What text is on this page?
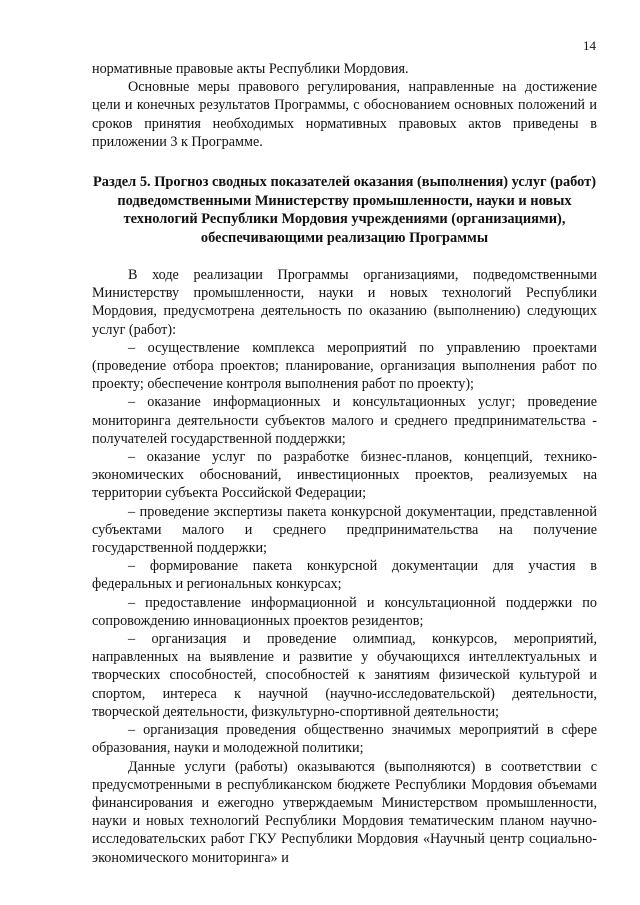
14

нормативные правовые акты Республики Мордовия.

Основные меры правового регулирования, направленные на достижение цели и конечных результатов Программы, с обоснованием основных положений и сроков принятия необходимых нормативных правовых актов приведены в приложении 3 к Программе.

Раздел 5. Прогноз сводных показателей оказания (выполнения) услуг (работ) подведомственными Министерству промышленности, науки и новых технологий Республики Мордовия учреждениями (организациями), обеспечивающими реализацию Программы

В ходе реализации Программы организациями, подведомственными Министерству промышленности, науки и новых технологий Республики Мордовия, предусмотрена деятельность по оказанию (выполнению) следующих услуг (работ):

– осуществление комплекса мероприятий по управлению проектами (проведение отбора проектов; планирование, организация выполнения работ по проекту; обеспечение контроля выполнения работ по проекту);

– оказание информационных и консультационных услуг; проведение мониторинга деятельности субъектов малого и среднего предпринимательства - получателей государственной поддержки;

– оказание услуг по разработке бизнес-планов, концепций, технико-экономических обоснований, инвестиционных проектов, реализуемых на территории субъекта Российской Федерации;

– проведение экспертизы пакета конкурсной документации, представленной субъектами малого и среднего предпринимательства на получение государственной поддержки;

– формирование пакета конкурсной документации для участия в федеральных и региональных конкурсах;

– предоставление информационной и консультационной поддержки по сопровождению инновационных проектов резидентов;

– организация и проведение олимпиад, конкурсов, мероприятий, направленных на выявление и развитие у обучающихся интеллектуальных и творческих способностей, способностей к занятиям физической культурой и спортом, интереса к научной (научно-исследовательской) деятельности, творческой деятельности, физкультурно-спортивной деятельности;

– организация проведения общественно значимых мероприятий в сфере образования, науки и молодежной политики;

Данные услуги (работы) оказываются (выполняются) в соответствии с предусмотренными в республиканском бюджете Республики Мордовия объемами финансирования и ежегодно утверждаемым Министерством промышленности, науки и новых технологий Республики Мордовия тематическим планом научно-исследовательских работ ГКУ Республики Мордовия «Научный центр социально-экономического мониторинга» и
